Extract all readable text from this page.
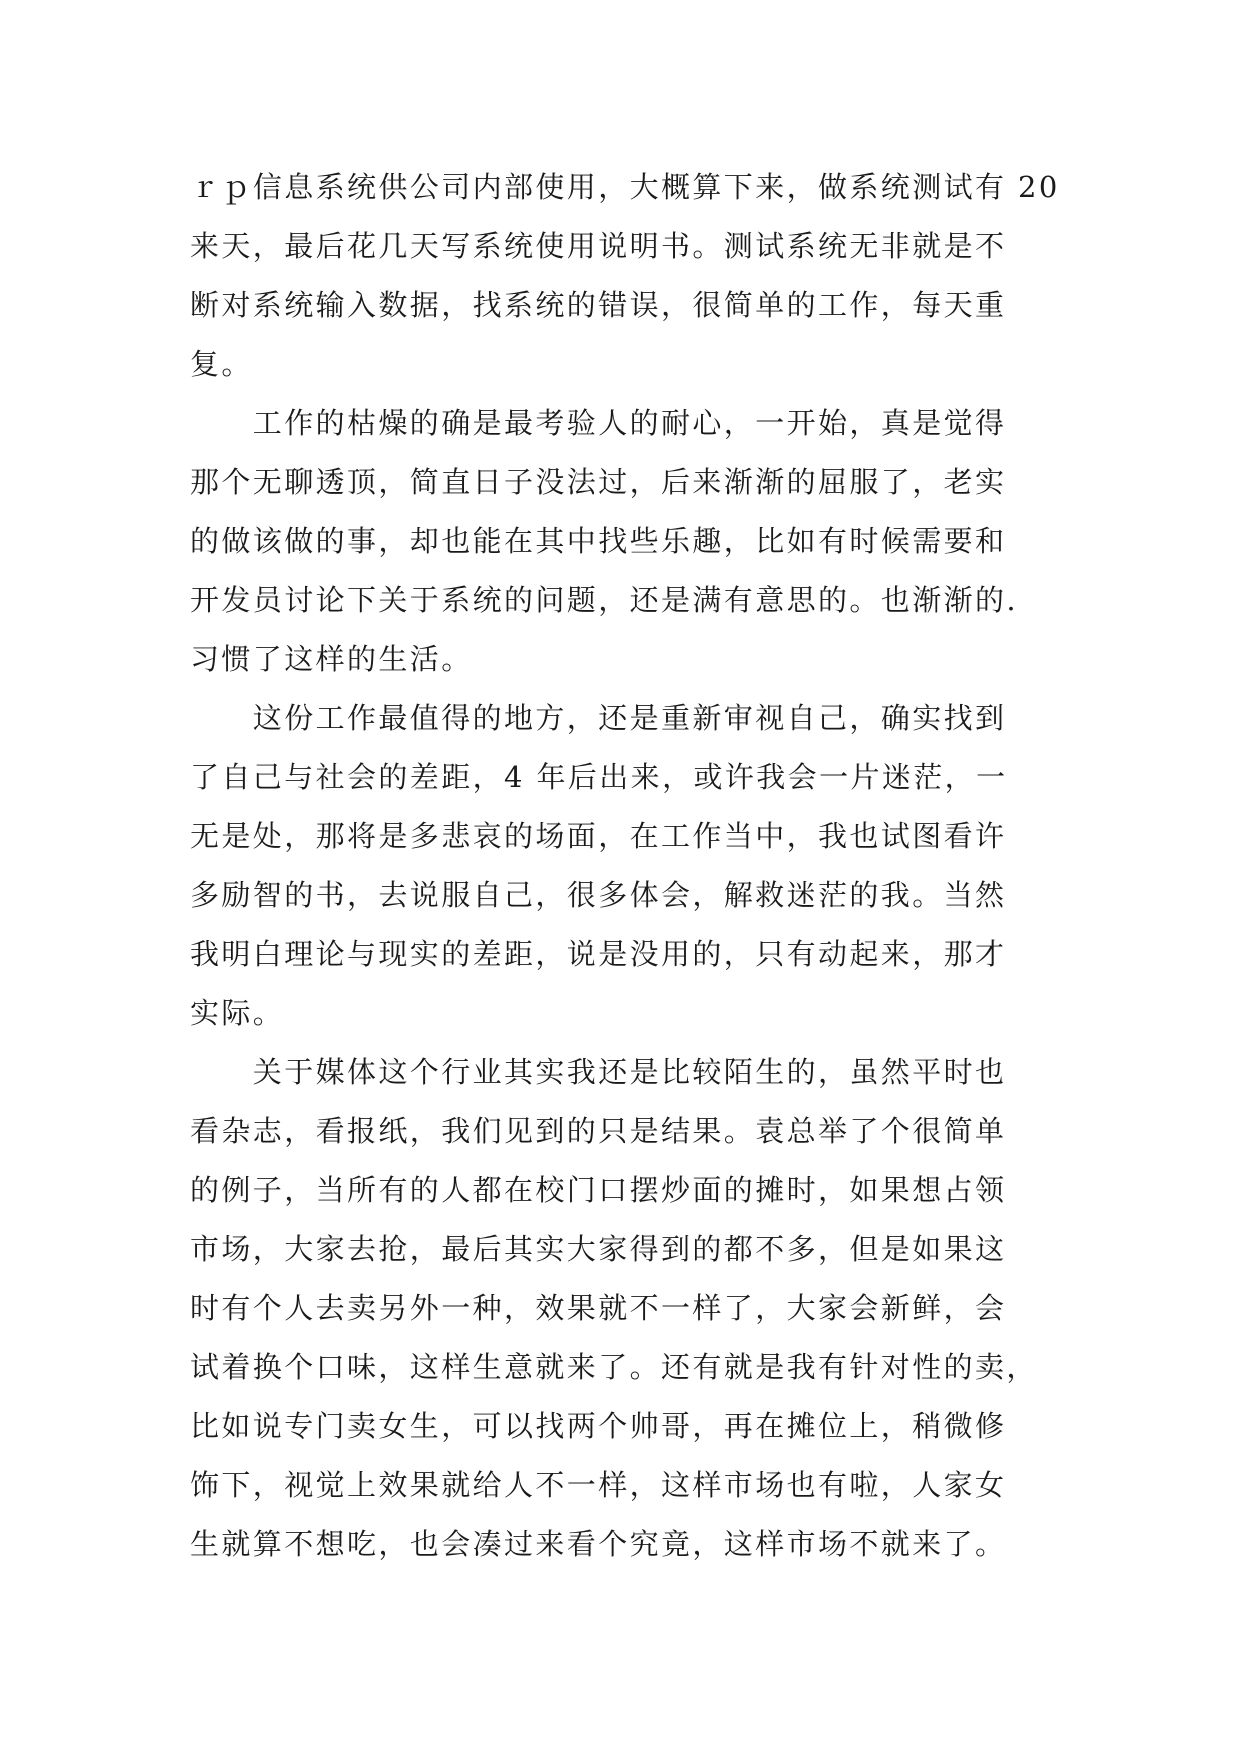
ｒｐ信息系统供公司内部使用，大概算下来，做系统测试有 20
来天，最后花几天写系统使用说明书。测试系统无非就是不
断对系统输入数据，找系统的错误，很简单的工作，每天重
复。
　　工作的枯燥的确是最考验人的耐心，一开始，真是觉得
那个无聊透顶，简直日子没法过，后来渐渐的屈服了，老实
的做该做的事，却也能在其中找些乐趣，比如有时候需要和
开发员讨论下关于系统的问题，还是满有意思的。也渐渐的.
习惯了这样的生活。
　　这份工作最值得的地方，还是重新审视自己，确实找到
了自己与社会的差距，4 年后出来，或许我会一片迷茫，一
无是处，那将是多悲哀的场面，在工作当中，我也试图看许
多励智的书，去说服自己，很多体会，解救迷茫的我。当然
我明白理论与现实的差距，说是没用的，只有动起来，那才
实际。
　　关于媒体这个行业其实我还是比较陌生的，虽然平时也
看杂志，看报纸，我们见到的只是结果。袁总举了个很简单
的例子，当所有的人都在校门口摆炒面的摊时，如果想占领
市场，大家去抢，最后其实大家得到的都不多，但是如果这
时有个人去卖另外一种，效果就不一样了，大家会新鲜，会
试着换个口味，这样生意就来了。还有就是我有针对性的卖，
比如说专门卖女生，可以找两个帅哥，再在摊位上，稍微修
饰下，视觉上效果就给人不一样，这样市场也有啦，人家女
生就算不想吃，也会凑过来看个究竟，这样市场不就来了。
